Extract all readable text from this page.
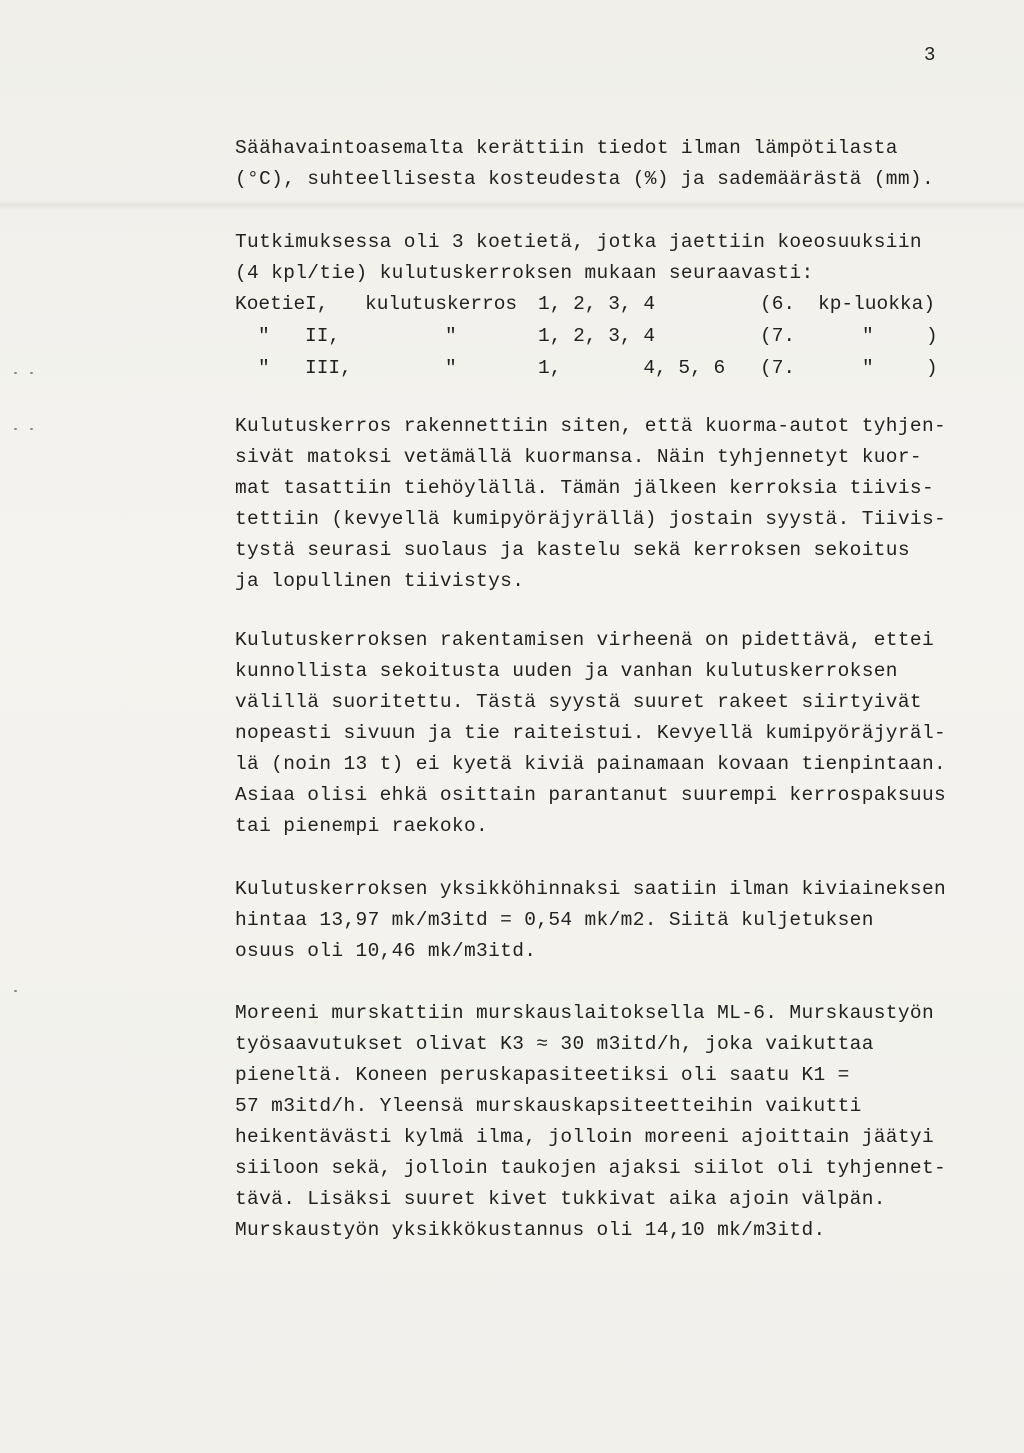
3
Säähavaintoasemalta kerättiin tiedot ilman lämpötilasta
(°C), suhteellisesta kosteudesta (%) ja sademäärästä (mm).
Tutkimuksessa oli 3 koetietä, jotka jaettiin koeosuuksiin
(4 kpl/tie) kulutuskerroksen mukaan seuraavasti:
Koetie I, kulutuskerros 1, 2, 3, 4	(6. kp-luokka)
" II,	"	1, 2, 3, 4	(7.	"	)
" III,	"	1,       4, 5, 6 (7.	"	)
Kulutuskerros rakennettiin siten, että kuorma-autot tyhjen-
sivät matoksi vetämällä kuormansa. Näin tyhjennetyt kuor-
mat tasattiin tiehöylällä. Tämän jälkeen kerroksia tiivis-
tettiin (kevyellä kumipyöräjyrällä) jostain syystä. Tiivis-
tystä seurasi suolaus ja kastelu sekä kerroksen sekoitus
ja lopullinen tiivistys.
Kulutuskerroksen rakentamisen virheenä on pidettävä, ettei
kunnollista sekoitusta uuden ja vanhan kulutuskerroksen
välillä suoritettu. Tästä syystä suuret rakeet siirtyivät
nopeasti sivuun ja tie raiteistui. Kevyellä kumipyöräjyräl-
lä (noin 13 t) ei kyetä kiviä painamaan kovaan tienpintaan.
Asiaa olisi ehkä osittain parantanut suurempi kerrospaksuus
tai pienempi raekoko.
Kulutuskerroksen yksikköhinnaksi saatiin ilman kiviaineksen
hintaa 13,97 mk/m3itd = 0,54 mk/m2. Siitä kuljetuksen
osuus oli 10,46 mk/m3itd.
Moreeni murskattiin murskauslaitoksella ML-6. Murskaustyön
työsaavutukset olivat K3 ≈ 30 m3itd/h, joka vaikuttaa
pieneltä. Koneen peruskapasiteetiksi oli saatu K1 =
57 m3itd/h. Yleensä murskauskapsiteetteihin vaikutti
heikentävästi kylmä ilma, jolloin moreeni ajoittain jäätyi
siiloon sekä, jolloin taukojen ajaksi siilot oli tyhjennet-
tävä. Lisäksi suuret kivet tukkivat aika ajoin välpän.
Murskaustyön yksikkökustannus oli 14,10 mk/m3itd.
